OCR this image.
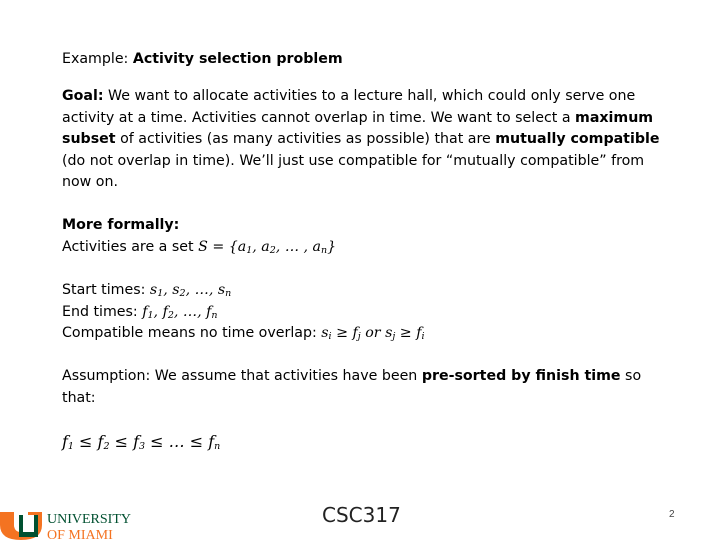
Example: Activity selection problem
Goal: We want to allocate activities to a lecture hall, which could only serve one activity at a time. Activities cannot overlap in time. We want to select a maximum subset of activities (as many activities as possible) that are mutually compatible (do not overlap in time). We’ll just use compatible for “mutually compatible” from now on.
More formally:
Activities are a set $S = \{a_1$, $a_2$, … , $a_n$}
Start times: $s_1$, $s_2$, …, $s_n$
End times: $f_1$, $f_2$, …, $f_n$
Compatible means no time overlap: $s_i \ge f_j$ or $s_j \ge f_i$
Assumption: We assume that activities have been pre-sorted by finish time so that:
$f_1 \le f_2 \le f_3$ ≤ … ≤ $f_n$
UNIVERSITY
OF MIAMI
CSC317	2
